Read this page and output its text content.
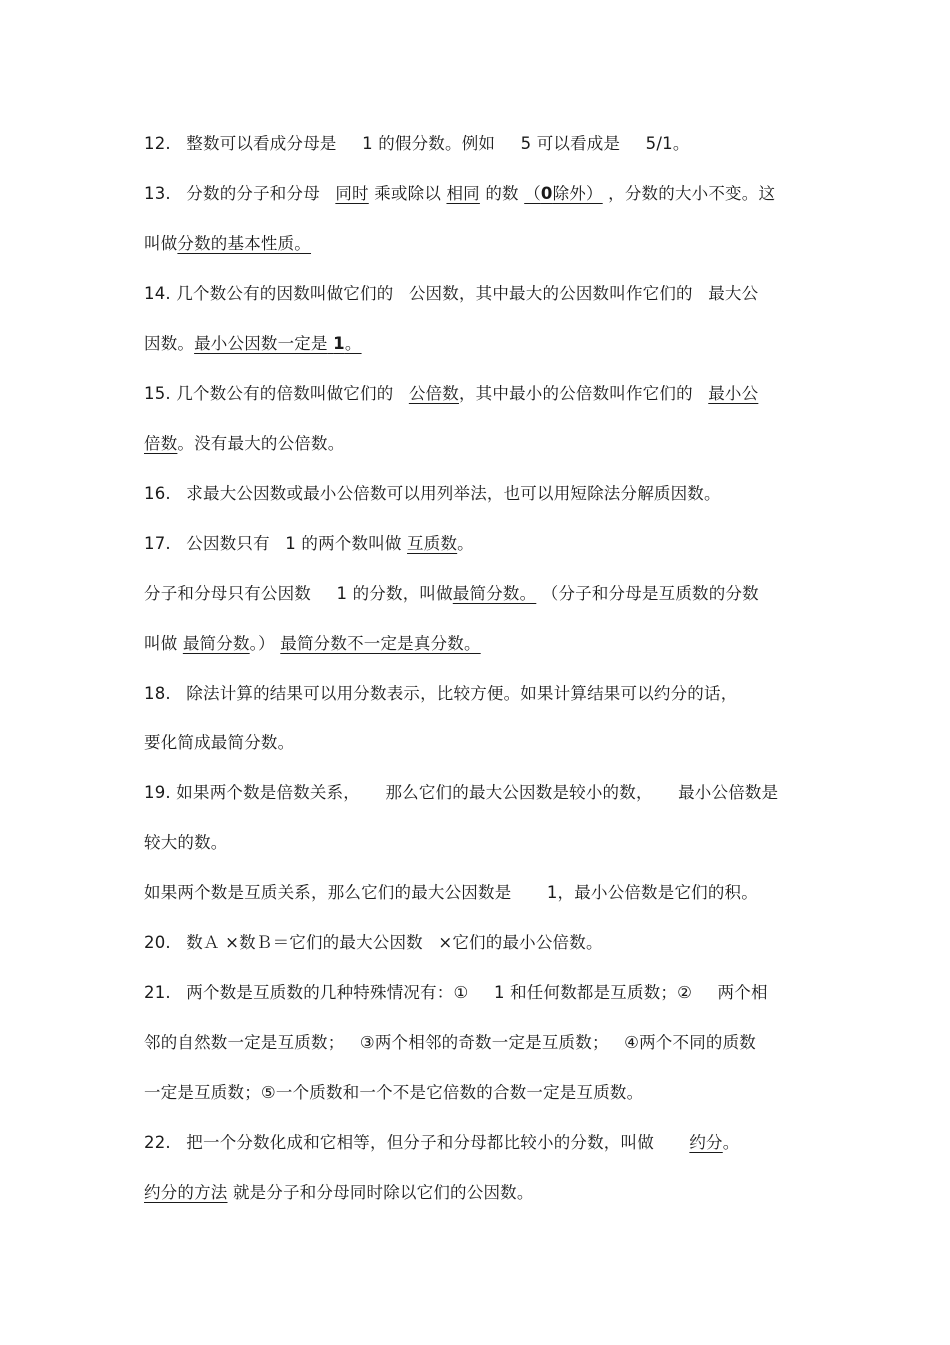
12. 整数可以看成分母是 1 的假分数。例如 5 可以看成是 5/1。
13. 分数的分子和分母 同时 乘或除以 相同 的数 （0除外） ，分数的大小不变。这
叫做分数的基本性质。
14. 几个数公有的因数叫做它们的 公因数，其中最大的公因数叫作它们的 最大公
因数。最小公因数一定是 1。
15. 几个数公有的倍数叫做它们的 公倍数，其中最小的公倍数叫作它们的 最小公
倍数。没有最大的公倍数。
16. 求最大公因数或最小公倍数可以用列举法，也可以用短除法分解质因数。
17. 公因数只有 1 的两个数叫做 互质数。
分子和分母只有公因数 1 的分数，叫做最简分数。 （分子和分母是互质数的分数
叫做 最简分数。） 最简分数不一定是真分数。
18. 除法计算的结果可以用分数表示，比较方便。如果计算结果可以约分的话，
要化简成最简分数。
19. 如果两个数是倍数关系， 那么它们的最大公因数是较小的数， 最小公倍数是
较大的数。
如果两个数是互质关系，那么它们的最大公因数是 1，最小公倍数是它们的积。
20. 数Ａ ×数Ｂ＝它们的最大公因数 ×它们的最小公倍数。
21. 两个数是互质数的几种特殊情况有：① 1 和任何数都是互质数；② 两个相
邻的自然数一定是互质数； ③两个相邻的奇数一定是互质数； ④两个不同的质数
一定是互质数；⑤一个质数和一个不是它倍数的合数一定是互质数。
22. 把一个分数化成和它相等，但分子和分母都比较小的分数，叫做 约分。
约分的方法 就是分子和分母同时除以它们的公因数。
